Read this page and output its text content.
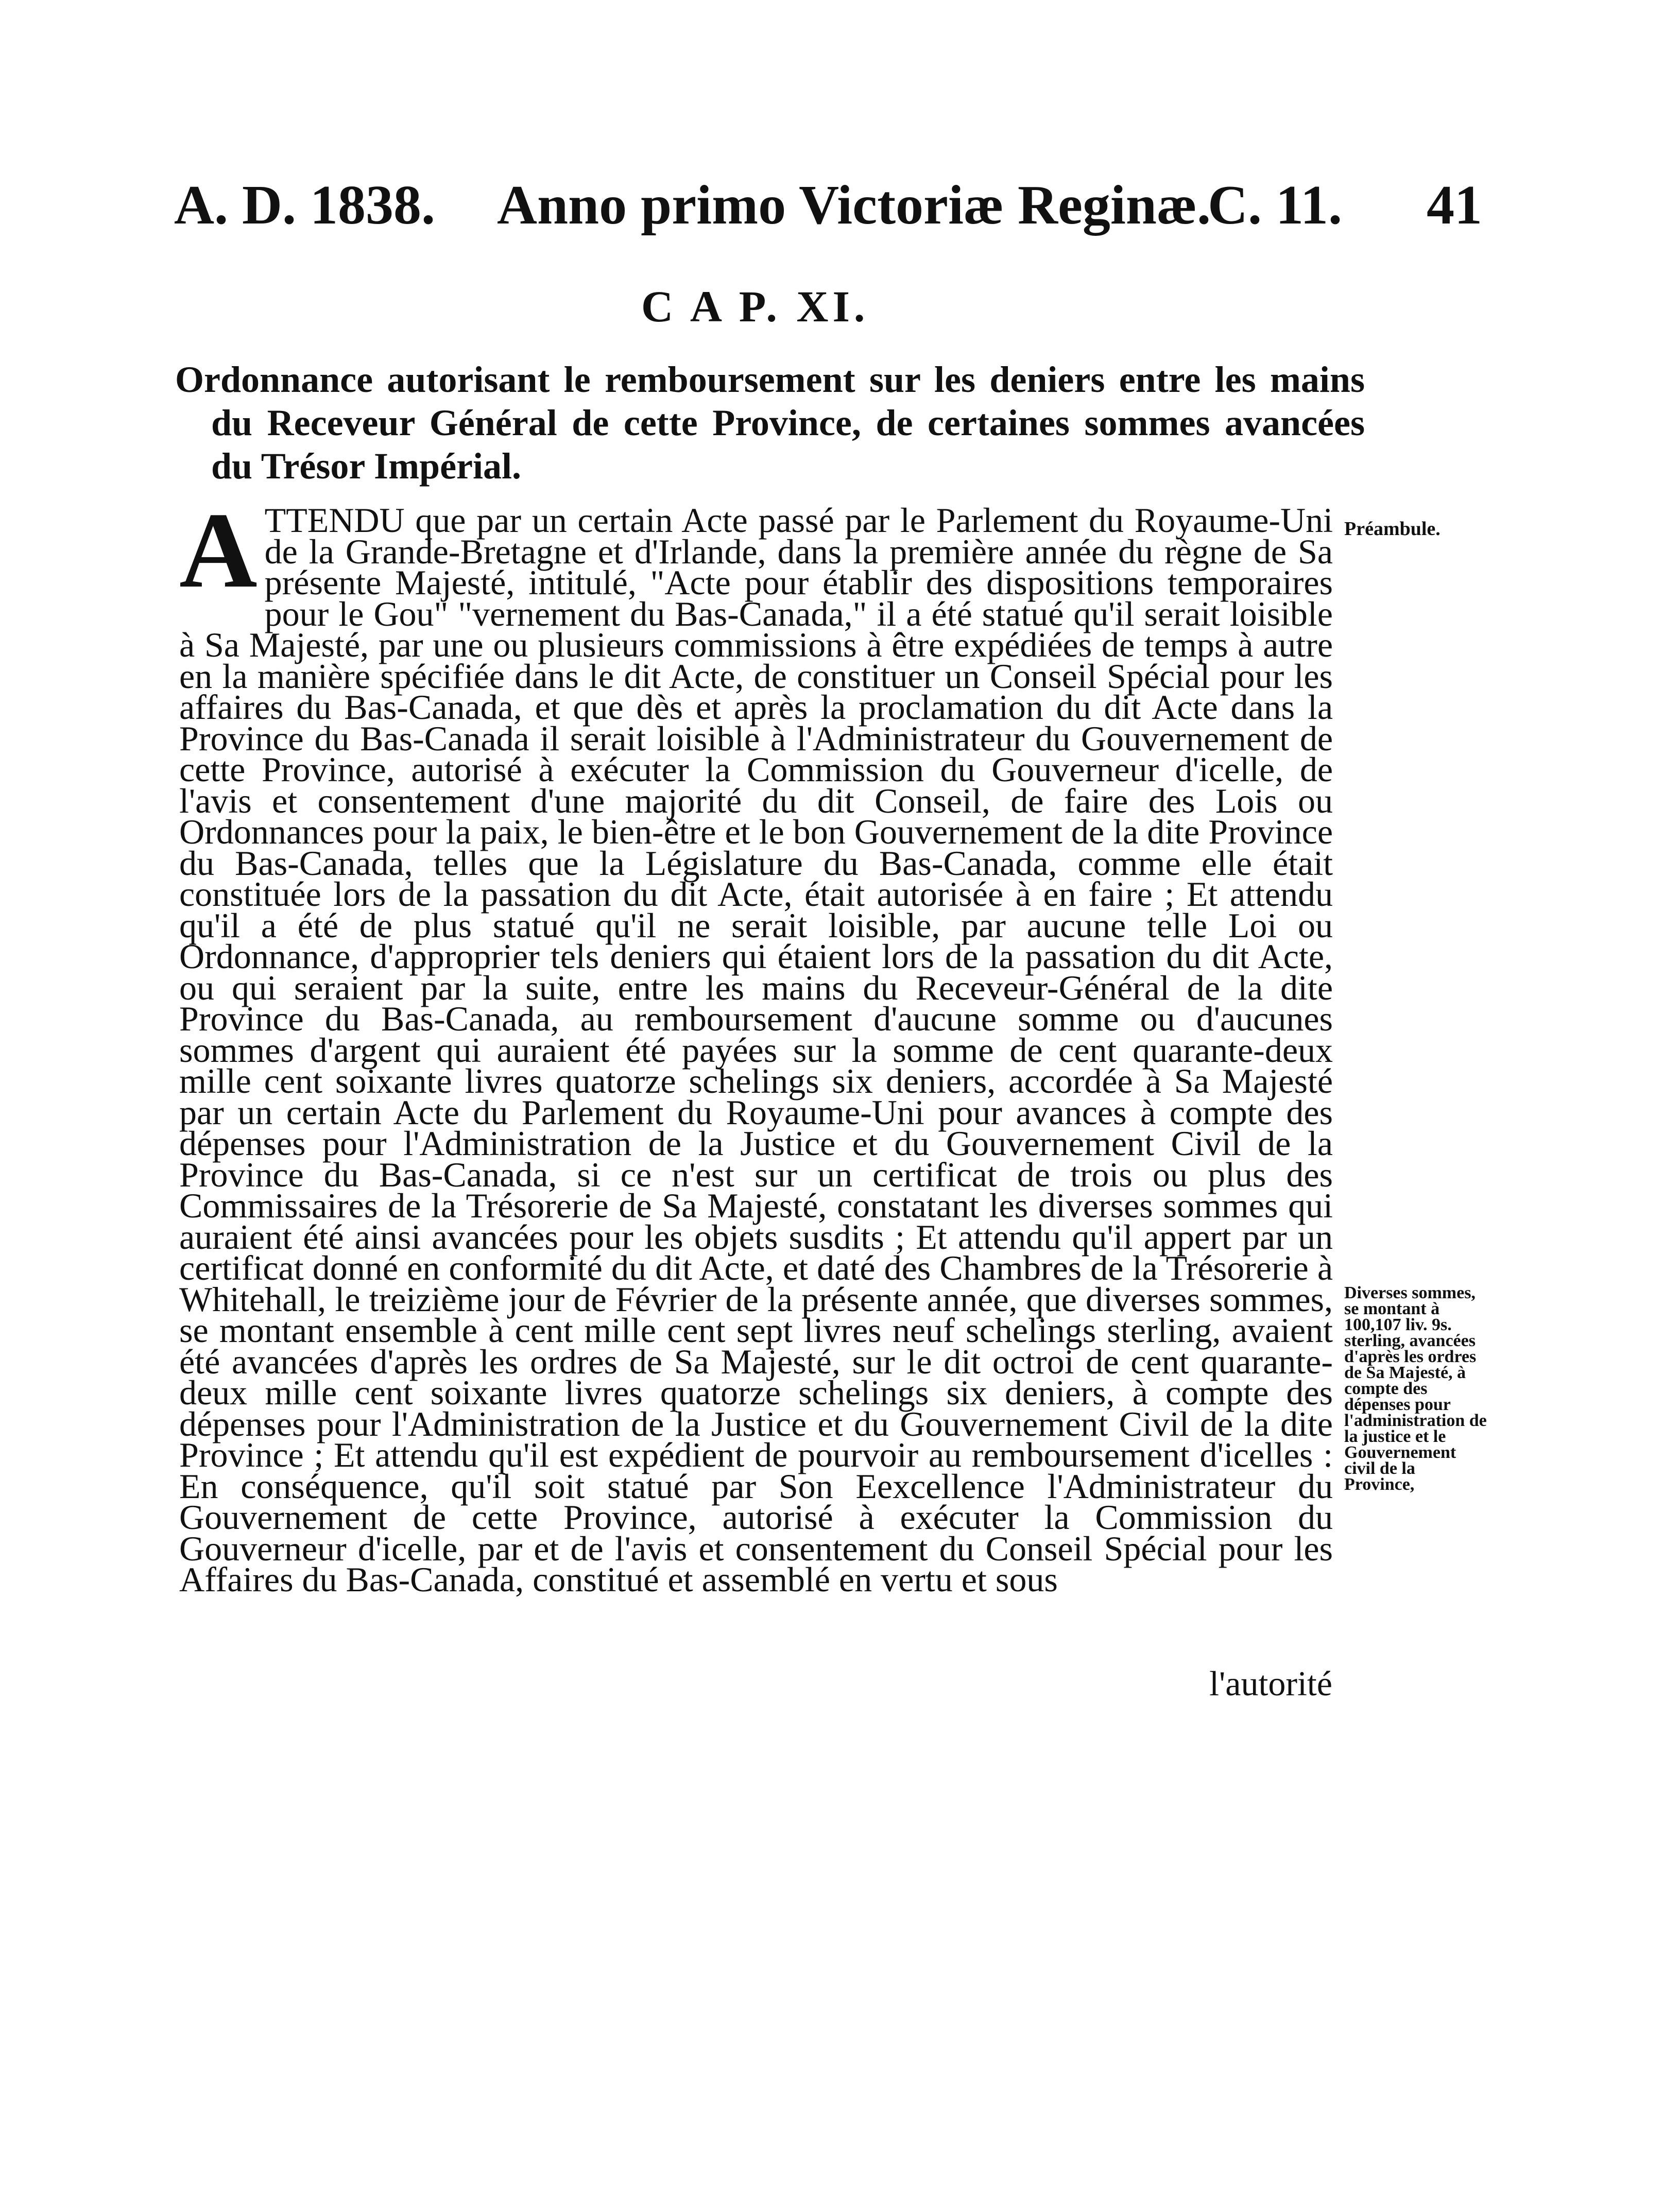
A. D. 1838. Anno primo Victoriæ Reginæ.
C. 11. 41
C A P. XI.
Ordonnance autorisant le remboursement sur les deniers entre les mains du Receveur Général de cette Province, de certaines sommes avancées du Trésor Impérial.
A TTENDU que par un certain Acte passé par le Parlement du Royaume-Uni de la Grande-Bretagne et d'Irlande, dans la première année du règne de Sa présente Majesté, intitulé, "Acte pour établir des dispositions temporaires pour le Gou" "vernement du Bas-Canada," il a été statué qu'il serait loisible à Sa Majesté, par une ou plusieurs commissions à être expédiées de temps à autre en la manière spécifiée dans le dit Acte, de constituer un Conseil Spécial pour les affaires du Bas-Canada, et que dès et après la proclamation du dit Acte dans la Province du Bas-Canada il serait loisible à l'Administrateur du Gouvernement de cette Province, autorisé à exécuter la Commission du Gouverneur d'icelle, de l'avis et consentement d'une majorité du dit Conseil, de faire des Lois ou Ordonnances pour la paix, le bien-être et le bon Gouvernement de la dite Province du Bas-Canada, telles que la Législature du Bas-Canada, comme elle était constituée lors de la passation du dit Acte, était autorisée à en faire ; Et attendu qu'il a été de plus statué qu'il ne serait loisible, par aucune telle Loi ou Ordonnance, d'approprier tels deniers qui étaient lors de la passation du dit Acte, ou qui seraient par la suite, entre les mains du Receveur-Général de la dite Province du Bas-Canada, au remboursement d'aucune somme ou d'aucunes sommes d'argent qui auraient été payées sur la somme de cent quarante-deux mille cent soixante livres quatorze schelings six deniers, accordée à Sa Majesté par un certain Acte du Parlement du Royaume-Uni pour avances à compte des dépenses pour l'Administration de la Justice et du Gouvernement Civil de la Province du Bas-Canada, si ce n'est sur un certificat de trois ou plus des Commissaires de la Trésorerie de Sa Majesté, constatant les diverses sommes qui auraient été ainsi avancées pour les objets susdits ; Et attendu qu'il appert par un certificat donné en conformité du dit Acte, et daté des Chambres de la Trésorerie à Whitehall, le treizième jour de Février de la présente année, que diverses sommes, se montant ensemble à cent mille cent sept livres neuf schelings sterling, avaient été avancées d'après les ordres de Sa Majesté, sur le dit octroi de cent quarante-deux mille cent soixante livres quatorze schelings six deniers, à compte des dépenses pour l'Administration de la Justice et du Gouvernement Civil de la dite Province ; Et attendu qu'il est expédient de pourvoir au remboursement d'icelles : En conséquence, qu'il soit statué par Son Eexcellence l'Administrateur du Gouvernement de cette Province, autorisé à exécuter la Commission du Gouverneur d'icelle, par et de l'avis et consentement du Conseil Spécial pour les Affaires du Bas-Canada, constitué et assemblé en vertu et sous
Préambule.
Diverses sommes, se montant à 100,107 liv. 9s. sterling, avancées d'après les ordres de Sa Majesté, à compte des dépenses pour l'administration de la justice et le Gouvernement civil de la Province,
l'autorité
